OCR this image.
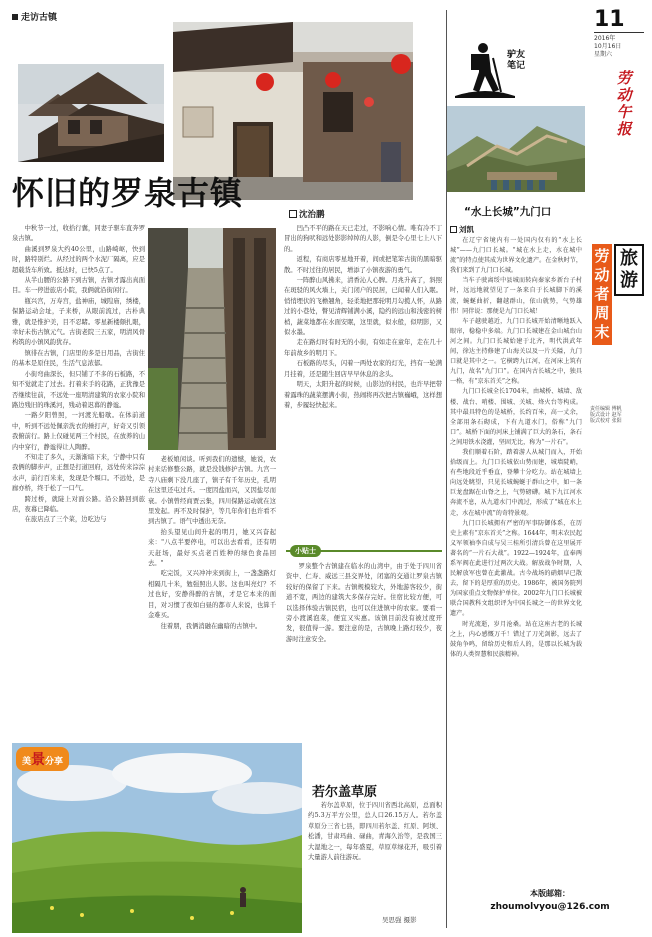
走访古镇
怀旧的罗泉古镇
沈治鹏

中秋节一过，收拾行囊，同妻子驱车直奔罗泉古镇。

曲溪到罗泉大约40公里，山路崎岖，快到时，路特别烂。从经过的两个水泥厂隔离，应是超载货车所致。抵达时，已快5点了。

从半山腰的公路下到古镇，古镇才露出真面目。车一停进旅店小院，我俩就沿街闲行。

瓶兴宫，万寿宫，盐神庙，城隍庙，绣楼，保路运动会址，子来桥，从眼前流过，古朴典雅，就是惟护美，目不忍睹。零星新楼颇扎眼，幸好未伤古镇元气。古街老院三五家，明清风骨构筑的小镇风韵犹存。

镇徘在古镇，门店里的多是日用品，古街住的基本是原住民，生活气息浓郁。

小街弯曲深长，但只铺了不多的石板路，不知不觉就走了过去。打着来手的花路，正犹豫是否继续往前，不远处一座明清建筑的农家小院和路边残旧的珠溪河，残动着迟暮的静谧。

一路夕阳曾照，一河渡光船歇。在体前道中，听到不远处佩亲洗衣的捶打声，好奇又引领我俯前行。路上仅碰见两三个村民，在放养的山内中穿行，静谧得让人陶醉。

不知走了多久，天渐渐暗下来，宁静中只有我俩的脚步声，正想是打道回府，远处传来淙淙水声，前行百米来，发现是个堰口。不远处，是廊亦桥，终于松了一口气。

跨过桥，就陡上对面公路。沿公路回到旅店，夜幕已降临。

在旅店点了三个菜，边吃边与

老板娘闲谈。听到我们的遗憾，她说，农村来话修整公路，就是没钱修护古镇。九宫一寺八庙剩下没几座了，镇子有千年历史，孔明在这里还屯过兵。一度因盐而兴，又因盐尽而衰。小镇曾经商贾云集，四川保路运动就在这里发起。再不及时保护，等几年你们也许看不到古镇了。语气中透出无奈。

抬头望见山间升起的明月，她又兴奋起来："八点半要停电，可以出去看看，还有明天赶场，最好买点老百姓种的绿色食品回去。"

吃完饭，又兴冲冲来到街上，一盏盏路灯相隔几十米，勉强照出人影。这也叫亮灯？不过也好，安静得醉的古镇，才是它本来的面目，对习惯了夜如白昼的都市人来说，也算千金难买。

往着朋，我俩消融在幽暗的古镇中。

凹凸不平的路在天已走过，不影响心情。唯有冷不丁冒出的狗吠和远处影影绰绰的人影，倒是令心里七上八下的。

返程，有商店零星地开着，间或把笔笨古街的黑暗驱散。不时过往的居民，增添了小镇夜游的勇气。

一阵醉山风拂来，清香沁人心脾。月兆升高了，斜照在斑驳的风火墙上，关门闭户的民居，已闻着人们入眠。悄悄埋伏的飞檐翘角，轻柔地把那轮明月勾揽人怀，从路过的小巷处，瞥见清辉铺满小溪，隐约的远山和浅密的树梢，蔬菜地都在水面安眠，这里就，似水般，似明影，又似水墨。

走在路灯时有时无的小街，有如走在童年，走在几十年前故乡的明月下。

石板路的尽头，闪着一两处农家的灯光，挡有一轮满月挂着，还是随生回店早早休息的念头。

明天，太阳升起的时候，山影边的村民，也许早把带着露珠的蔬菜摆满小街，热闹将再次把古镇巍峨，这样想着，步履轻快起来。

小贴士

罗泉整个古镇建在临水的山湾中，由于处于四川省资中、仁寿、威远三县交界处，闭塞的交通让罗泉古镇较好的保留了下来。古镇规模较大，外地游客较少，街道不宽，两边的建筑大多保存完好。住宿比较方便，可以选择体验古镇民宿，也可以住进镇中的农家。要看一旁小渡溪泡菜，便宜又实惠。该镇目前没有被过度开发，很值得一游。要注意的是，古镇晚上路灯较少，夜游时注意安全。

11
2016年
10月16日
星期六
劳动午报
驴友笔记
“水上长城”九门口
刘凯

在辽宁省境内有一处国内仅有的“水上长城”——九门口长城。“城在水上走，水在城中流”的特点使其成为世界文化遗产。在金秋时节，我们来到了九门口长城。

当车子驶离绥中县城而转向秦家乡新台子村时，远远地就望见了一条来自于长城脚下的溪流，蜿蜒曲折，翻越群山，依山就势，气势雄伟！同伴说：那便是九门口长城！

车子越驶越近，九门口长城开始清晰地跃入眼帘，稳稳中多端。九门口长城建在金山城台山河之间。九门口长城始建于北齐，明代洪武年间，徐达主持修建了山海关以及一片关隘，九门口就是其中之一。它横跨九江河，在河床上筑有九门，故名“九门口”。在国内古长城之中，独具一格，有“京东首关”之称。

九门口长城全长1704米，由城桥、城墙、敌楼、战台、哨楼、围城、关城、烽火台等构成。其中最具特色的是城桥，长约百米，高一丈余，全部用条石砌成，下有九道水门，俗称“九门口”。城桥下面的河床上铺满了巨大的条石，条石之间用铁水浇灌，坚固无比，称为“一片石”。

我们顺着石阶，踏着游人从城门而入，开始拾级而上。九门口长城依山势而建，城墙陡峭，有些地段近乎垂直，登攀十分吃力。站在城墙上向远处眺望，只见长城蜿蜒于群山之中，如一条巨龙盘踞在山脊之上，气势磅礴。城下九江河水奔流不息，从九道水门中流过，形成了“城在水上走，水在城中流”的奇特景观。

九门口长城拥有严密的军事防御体系，在历史上素有“京东首关”之称。1644年，明末农民起义军领袖李自成与吴三桂所引清兵曾在这里展开著名的“一片石大战”。1922—1924年，直奉两系军阀在此进行过两次大战。解放战争时期，人民解放军也曾在此激战。古今战场的硝烟早已散去，留下的是厚重的历史。1986年，被国务院列为国家重点文物保护单位。2002年九门口长城被联合国教科文组织评为中国长城之一的世界文化遗产。

时光流逝，岁月沧桑。站在这座古老的长城之上，内心感慨万千！错过了刀光剑影，远去了鼓角争鸣，留给历史和后人的，是那以长城为载体的人类智慧和民族精神。

劳动者周末
旅游
责任编辑 傅帆
版式设计 赵军
版式校对 张阳
本版邮箱：
zhoumolvyou@126.com
美景分享
若尔盖草原

若尔盖草原，位于四川省西北高原，总面积约5.3万平方公里，总人口26.15万人。若尔盖草原分三省七县，即四川若尔盖、红原、阿坝、松潘，甘肃玛曲、碌曲，青海久治等，是我国三大湿地之一，每年盛夏，草原草绿花开，吸引着大量游人前往游玩。

吴思强 摄影
